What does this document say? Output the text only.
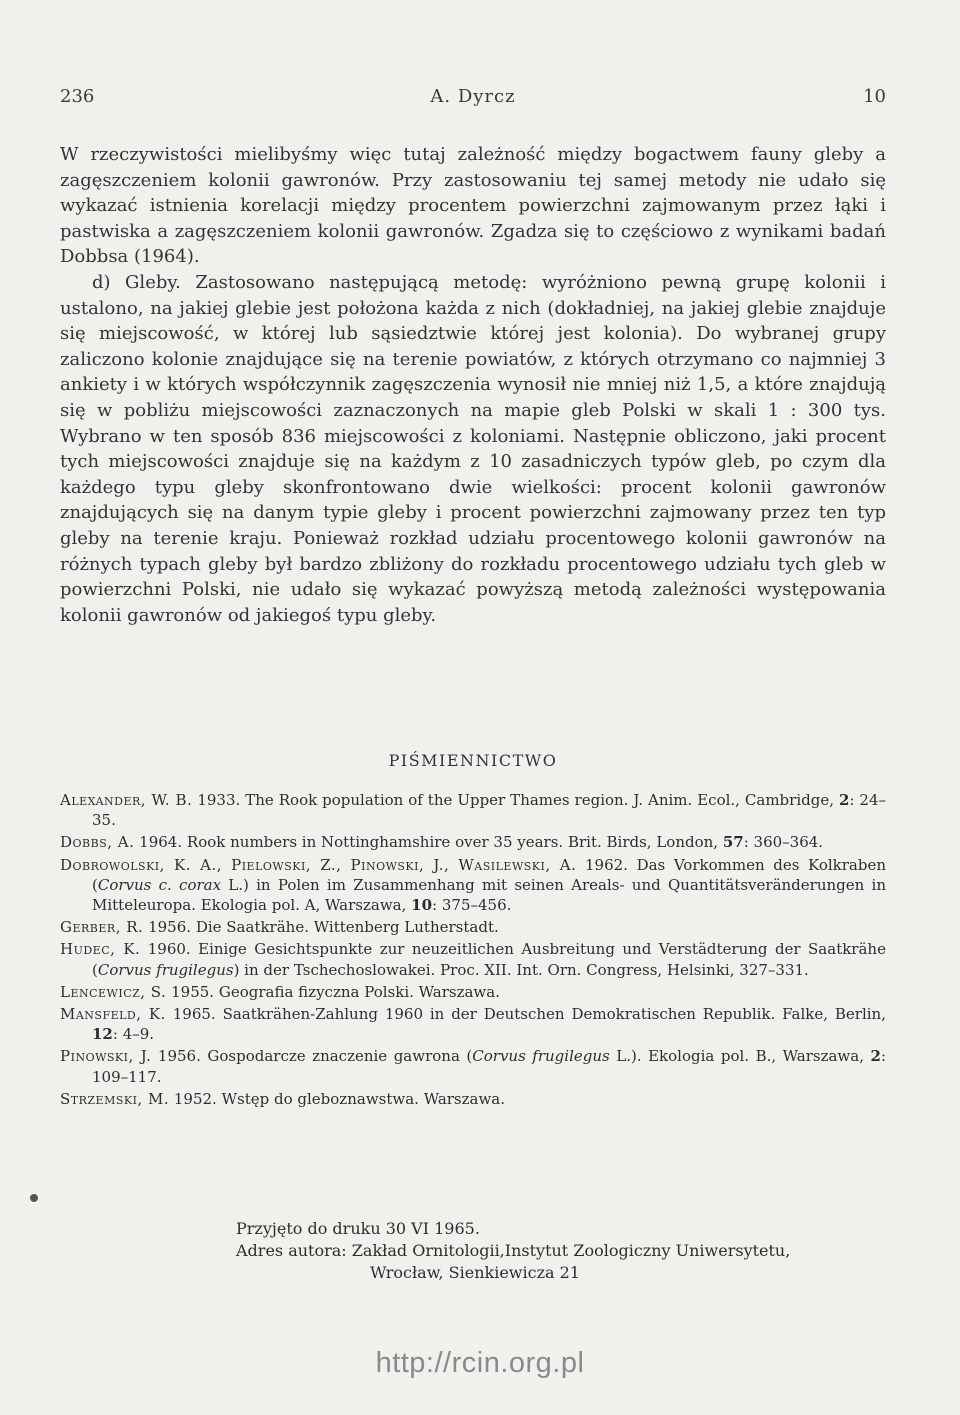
236	A. Dyrcz	10

W rzeczywistości mielibyśmy więc tutaj zależność między bogactwem fauny gleby a zagęszczeniem kolonii gawronów. Przy zastosowaniu tej samej metody nie udało się wykazać istnienia korelacji między procentem powierzchni zajmowanym przez łąki i pastwiska a zagęszczeniem kolonii gawronów. Zgadza się to częściowo z wynikami badań Dobbsa (1964).

d) Gleby. Zastosowano następującą metodę: wyróżniono pewną grupę kolonii i ustalono, na jakiej glebie jest położona każda z nich (dokładniej, na jakiej glebie znajduje się miejscowość, w której lub sąsiedztwie której jest kolonia). Do wybranej grupy zaliczono kolonie znajdujące się na terenie powiatów, z których otrzymano co najmniej 3 ankiety i w których współczynnik zagęszczenia wynosił nie mniej niż 1,5, a które znajdują się w pobliżu miejscowości zaznaczonych na mapie gleb Polski w skali 1 : 300 tys. Wybrano w ten sposób 836 miejscowości z koloniami. Następnie obliczono, jaki procent tych miejscowości znajduje się na każdym z 10 zasadniczych typów gleb, po czym dla każdego typu gleby skonfrontowano dwie wielkości: procent kolonii gawronów znajdujących się na danym typie gleby i procent powierzchni zajmowany przez ten typ gleby na terenie kraju. Ponieważ rozkład udziału procentowego kolonii gawronów na różnych typach gleby był bardzo zbliżony do rozkładu procentowego udziału tych gleb w powierzchni Polski, nie udało się wykazać powyższą metodą zależności występowania kolonii gawronów od jakiegoś typu gleby.

PIŚMIENNICTWO
Alexander, W. B. 1933. The Rook population of the Upper Thames region. J. Anim. Ecol., Cambridge, 2: 24–35.
Dobbs, A. 1964. Rook numbers in Nottinghamshire over 35 years. Brit. Birds, London, 57: 360–364.
Dobrowolski, K. A., Pielowski, Z., Pinowski, J., Wasilewski, A. 1962. Das Vorkommen des Kolkraben (Corvus c. corax L.) in Polen im Zusammenhang mit seinen Areals- und Quantitätsveränderungen in Mitteleuropa. Ekologia pol. A, Warszawa, 10: 375–456.
Gerber, R. 1956. Die Saatkrähe. Wittenberg Lutherstadt.
Hudec, K. 1960. Einige Gesichtspunkte zur neuzeitlichen Ausbreitung und Verstädterung der Saatkrähe (Corvus frugilegus) in der Tschechoslowakei. Proc. XII. Int. Orn. Congress, Helsinki, 327–331.
Lencewicz, S. 1955. Geografia fizyczna Polski. Warszawa.
Mansfeld, K. 1965. Saatkrähen-Zahlung 1960 in der Deutschen Demokratischen Republik. Falke, Berlin, 12: 4–9.
Pinowski, J. 1956. Gospodarcze znaczenie gawrona (Corvus frugilegus L.). Ekologia pol. B., Warszawa, 2: 109–117.
Strzemski, M. 1952. Wstęp do gleboznawstwa. Warszawa.
Przyjęto do druku 30 VI 1965.
Adres autora: Zakład Ornitologii,Instytut Zoologiczny Uniwersytetu,
Wrocław, Sienkiewicza 21
http://rcin.org.pl
